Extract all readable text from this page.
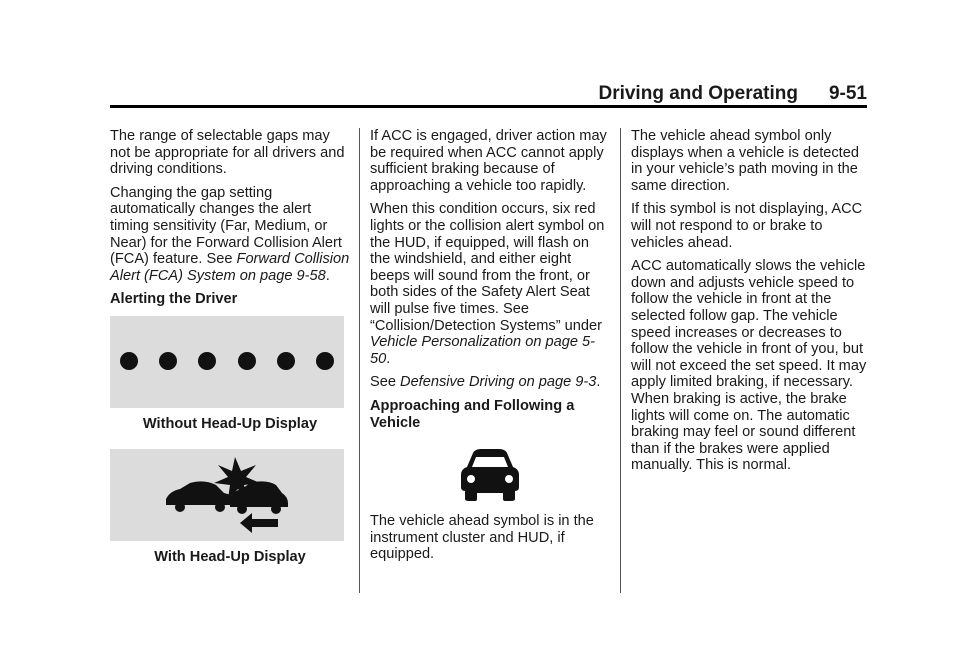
Driving and Operating 9-51

The range of selectable gaps may not be appropriate for all drivers and driving conditions.

Changing the gap setting automatically changes the alert timing sensitivity (Far, Medium, or Near) for the Forward Collision Alert (FCA) feature. See Forward Collision Alert (FCA) System on page 9-58.

Alerting the Driver

Without Head-Up Display
With Head-Up Display

If ACC is engaged, driver action may be required when ACC cannot apply sufficient braking because of approaching a vehicle too rapidly.

When this condition occurs, six red lights or the collision alert symbol on the HUD, if equipped, will flash on the windshield, and either eight beeps will sound from the front, or both sides of the Safety Alert Seat will pulse five times. See “Collision/Detection Systems” under Vehicle Personalization on page 5-50.

See Defensive Driving on page 9-3.

Approaching and Following a Vehicle

The vehicle ahead symbol is in the instrument cluster and HUD, if equipped.

The vehicle ahead symbol only displays when a vehicle is detected in your vehicle’s path moving in the same direction.

If this symbol is not displaying, ACC will not respond to or brake to vehicles ahead.

ACC automatically slows the vehicle down and adjusts vehicle speed to follow the vehicle in front at the selected follow gap. The vehicle speed increases or decreases to follow the vehicle in front of you, but will not exceed the set speed. It may apply limited braking, if necessary. When braking is active, the brake lights will come on. The automatic braking may feel or sound different than if the brakes were applied manually. This is normal.
